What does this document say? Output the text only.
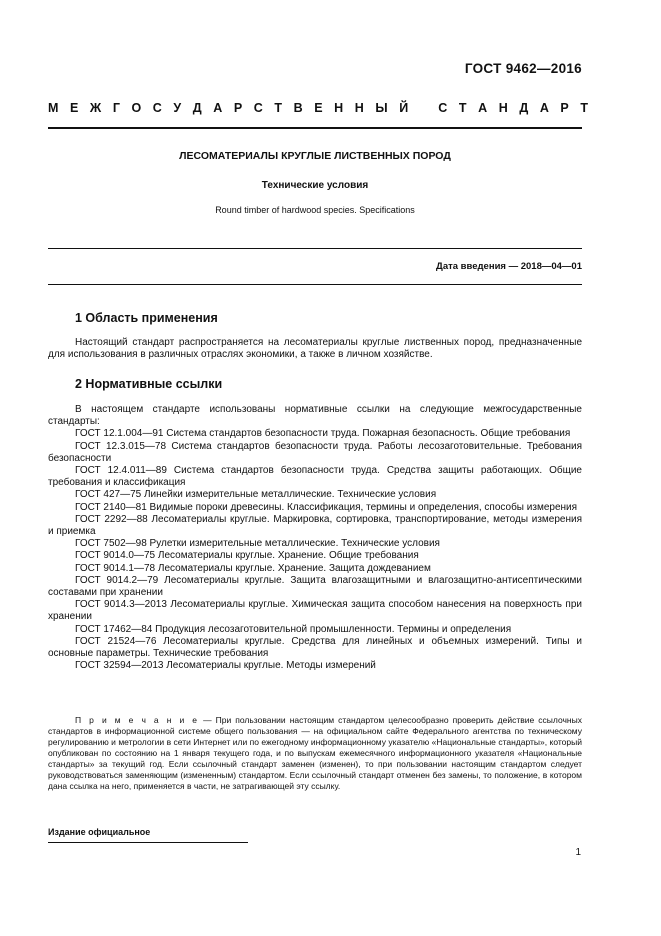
ГОСТ 9462—2016
М Е Ж Г О С У Д А Р С Т В Е Н Н Ы Й
С Т А Н Д А Р Т
ЛЕСОМАТЕРИАЛЫ КРУГЛЫЕ ЛИСТВЕННЫХ ПОРОД
Технические условия
Round timber of hardwood species. Specifications
Дата введения — 2018—04—01
1 Область применения
Настоящий стандарт распространяется на лесоматериалы круглые лиственных пород, предназначенные для использования в различных отраслях экономики, а также в личном хозяйстве.
2 Нормативные ссылки

В настоящем стандарте использованы нормативные ссылки на следующие межгосударственные стандарты:

ГОСТ 12.1.004—91 Система стандартов безопасности труда. Пожарная безопасность. Общие требования

ГОСТ 12.3.015—78 Система стандартов безопасности труда. Работы лесозаготовительные. Требования безопасности

ГОСТ 12.4.011—89 Система стандартов безопасности труда. Средства защиты работающих. Общие требования и классификация

ГОСТ 427—75 Линейки измерительные металлические. Технические условия

ГОСТ 2140—81 Видимые пороки древесины. Классификация, термины и определения, способы измерения

ГОСТ 2292—88 Лесоматериалы круглые. Маркировка, сортировка, транспортирование, методы измерения и приемка

ГОСТ 7502—98 Рулетки измерительные металлические. Технические условия

ГОСТ 9014.0—75 Лесоматериалы круглые. Хранение. Общие требования

ГОСТ 9014.1—78 Лесоматериалы круглые. Хранение. Защита дождеванием

ГОСТ 9014.2—79 Лесоматериалы круглые. Защита влагозащитными и влагозащитно-антисептическими составами при хранении

ГОСТ 9014.3—2013 Лесоматериалы круглые. Химическая защита способом нанесения на поверхность при хранении

ГОСТ 17462—84 Продукция лесозаготовительной промышленности. Термины и определения

ГОСТ 21524—76 Лесоматериалы круглые. Средства для линейных и объемных измерений. Типы и основные параметры. Технические требования

ГОСТ 32594—2013 Лесоматериалы круглые. Методы измерений

П р и м е ч а н и е — При пользовании настоящим стандартом целесообразно проверить действие ссылочных стандартов в информационной системе общего пользования — на официальном сайте Федерального агентства по техническому регулированию и метрологии в сети Интернет или по ежегодному информационному указателю «Национальные стандарты», который опубликован по состоянию на 1 января текущего года, и по выпускам ежемесячного информационного указателя «Национальные стандарты» за текущий год. Если ссылочный стандарт заменен (изменен), то при пользовании настоящим стандартом следует руководствоваться заменяющим (измененным) стандартом. Если ссылочный стандарт отменен без замены, то положение, в котором дана ссылка на него, применяется в части, не затрагивающей эту ссылку.

Издание официальное
1
